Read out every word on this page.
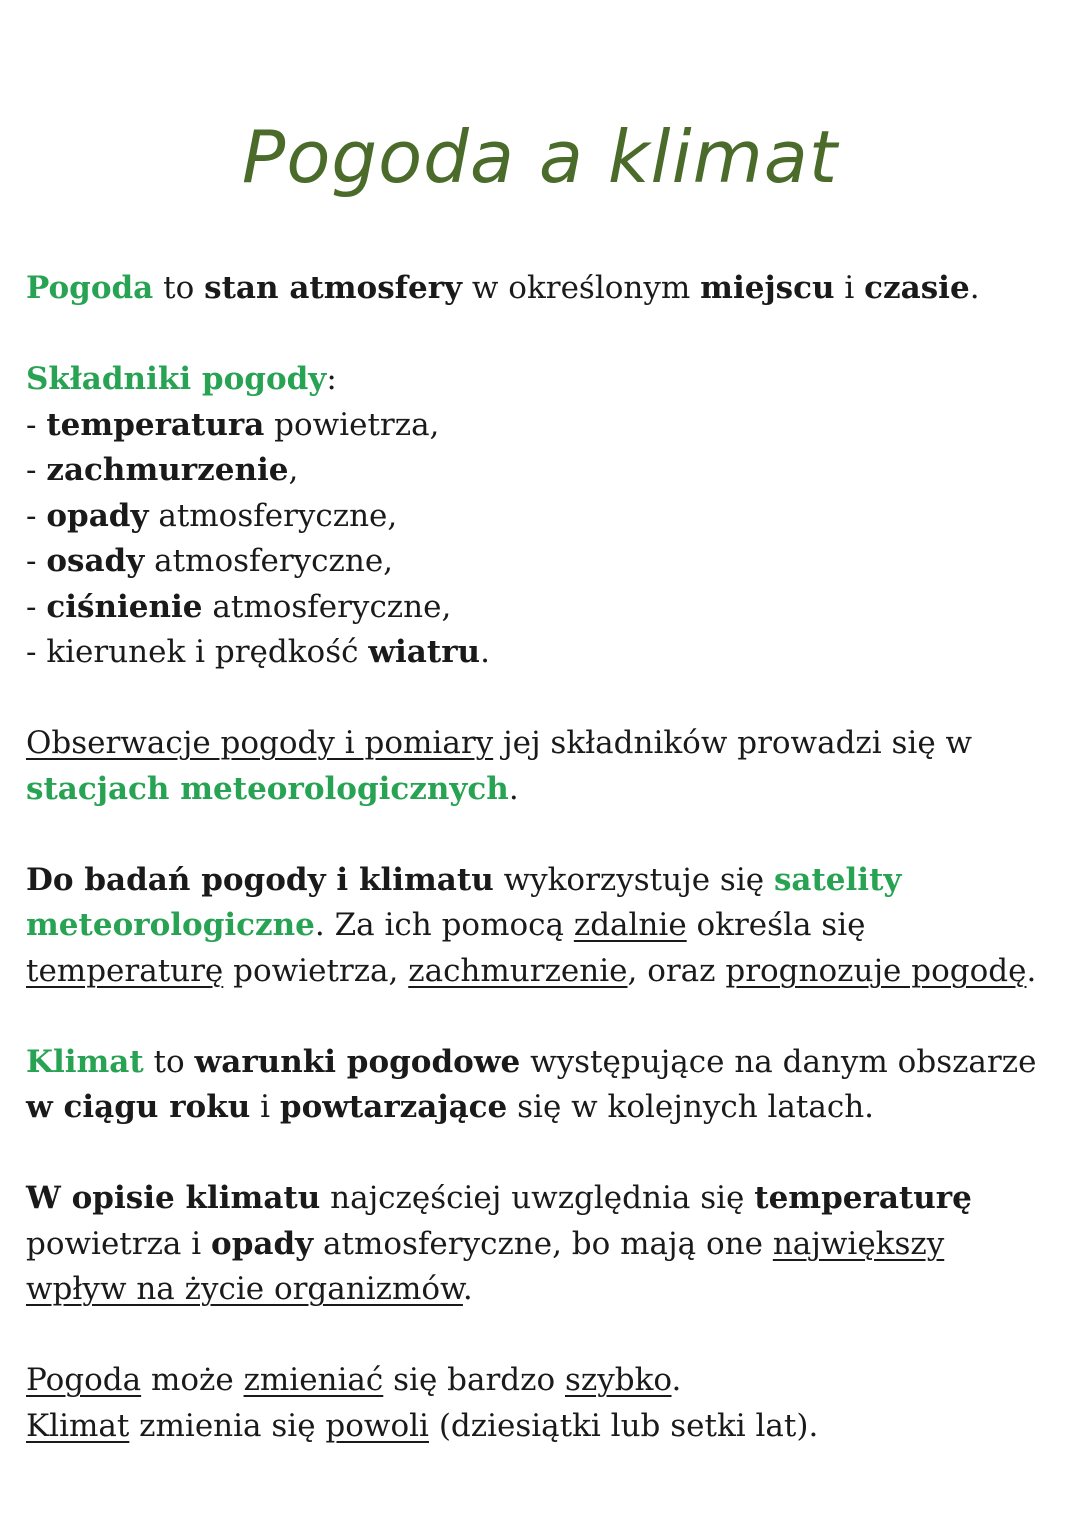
Pogoda a klimat

Pogoda to stan atmosfery w określonym miejscu i czasie.

Składniki pogody:
- temperatura powietrza,
- zachmurzenie,
- opady atmosferyczne,
- osady atmosferyczne,
- ciśnienie atmosferyczne,
- kierunek i prędkość wiatru.

Obserwacje pogody i pomiary jej składników prowadzi się w
stacjach meteorologicznych.

Do badań pogody i klimatu wykorzystuje się satelity
meteorologiczne. Za ich pomocą zdalnie określa się
temperaturę powietrza, zachmurzenie, oraz prognozuje pogodę.

Klimat to warunki pogodowe występujące na danym obszarze
w ciągu roku i powtarzające się w kolejnych latach.

W opisie klimatu najczęściej uwzględnia się temperaturę
powietrza i opady atmosferyczne, bo mają one największy
wpływ na życie organizmów.

Pogoda może zmieniać się bardzo szybko.
Klimat zmienia się powoli (dziesiątki lub setki lat).
